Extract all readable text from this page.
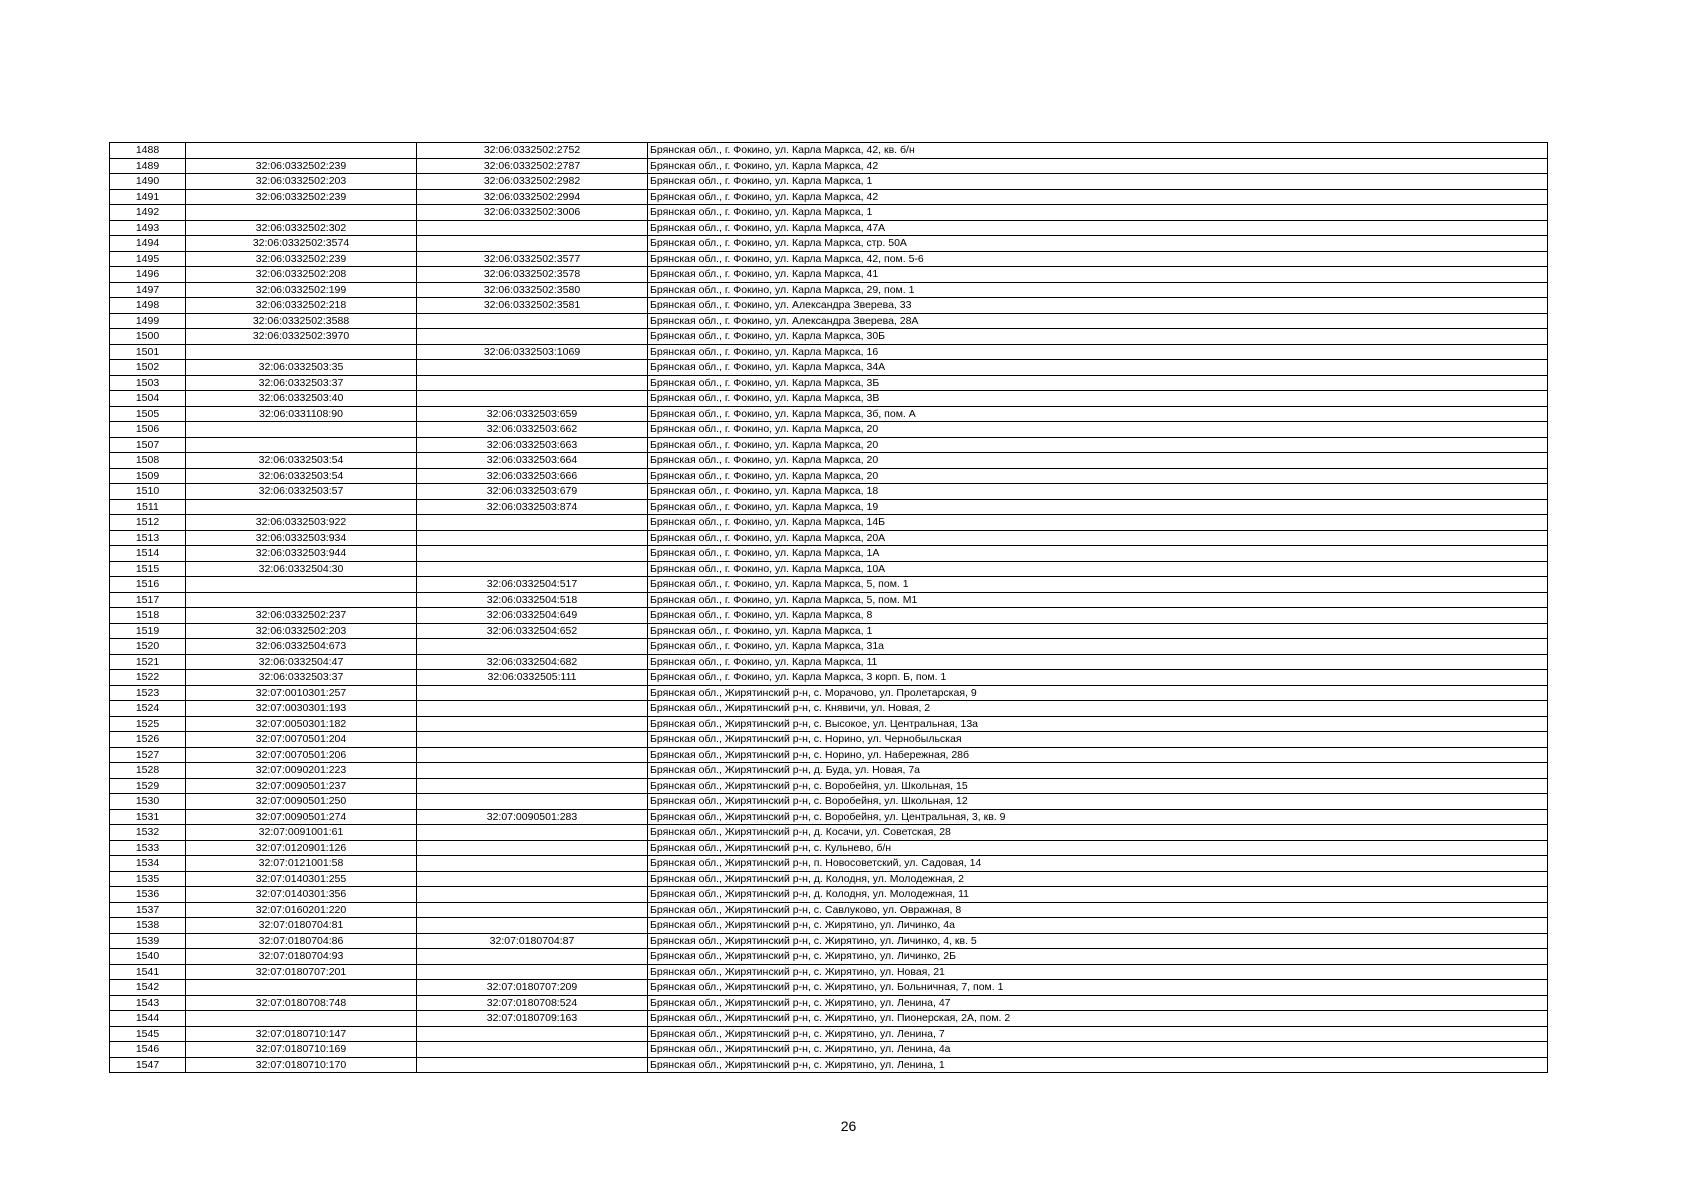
1488		32:06:0332502:2752	Брянская обл., г. Фокино, ул. Карла Маркса, 42, кв. б/н
1489	32:06:0332502:239	32:06:0332502:2787	Брянская обл., г. Фокино, ул. Карла Маркса, 42
1490	32:06:0332502:203	32:06:0332502:2982	Брянская обл., г. Фокино, ул. Карла Маркса, 1
1491	32:06:0332502:239	32:06:0332502:2994	Брянская обл., г. Фокино, ул. Карла Маркса, 42
1492		32:06:0332502:3006	Брянская обл., г. Фокино, ул. Карла Маркса, 1
1493	32:06:0332502:302		Брянская обл., г. Фокино, ул. Карла Маркса, 47А
1494	32:06:0332502:3574		Брянская обл., г. Фокино, ул. Карла Маркса, стр. 50А
1495	32:06:0332502:239	32:06:0332502:3577	Брянская обл., г. Фокино, ул. Карла Маркса, 42, пом. 5-6
1496	32:06:0332502:208	32:06:0332502:3578	Брянская обл., г. Фокино, ул. Карла Маркса, 41
1497	32:06:0332502:199	32:06:0332502:3580	Брянская обл., г. Фокино, ул. Карла Маркса, 29, пом. 1
1498	32:06:0332502:218	32:06:0332502:3581	Брянская обл., г. Фокино, ул. Александра Зверева, 33
1499	32:06:0332502:3588		Брянская обл., г. Фокино, ул. Александра Зверева, 28А
1500	32:06:0332502:3970		Брянская обл., г. Фокино, ул. Карла Маркса, 30Б
1501		32:06:0332503:1069	Брянская обл., г. Фокино, ул. Карла Маркса, 16
1502	32:06:0332503:35		Брянская обл., г. Фокино, ул. Карла Маркса, 34А
1503	32:06:0332503:37		Брянская обл., г. Фокино, ул. Карла Маркса, 3Б
1504	32:06:0332503:40		Брянская обл., г. Фокино, ул. Карла Маркса, 3В
1505	32:06:0331108:90	32:06:0332503:659	Брянская обл., г. Фокино, ул. Карла Маркса, 3б, пом. А
1506		32:06:0332503:662	Брянская обл., г. Фокино, ул. Карла Маркса, 20
1507		32:06:0332503:663	Брянская обл., г. Фокино, ул. Карла Маркса, 20
1508	32:06:0332503:54	32:06:0332503:664	Брянская обл., г. Фокино, ул. Карла Маркса, 20
1509	32:06:0332503:54	32:06:0332503:666	Брянская обл., г. Фокино, ул. Карла Маркса, 20
1510	32:06:0332503:57	32:06:0332503:679	Брянская обл., г. Фокино, ул. Карла Маркса, 18
1511		32:06:0332503:874	Брянская обл., г. Фокино, ул. Карла Маркса, 19
1512	32:06:0332503:922		Брянская обл., г. Фокино, ул. Карла Маркса, 14Б
1513	32:06:0332503:934		Брянская обл., г. Фокино, ул. Карла Маркса, 20А
1514	32:06:0332503:944		Брянская обл., г. Фокино, ул. Карла Маркса, 1А
1515	32:06:0332504:30		Брянская обл., г. Фокино, ул. Карла Маркса, 10А
1516		32:06:0332504:517	Брянская обл., г. Фокино, ул. Карла Маркса, 5, пом. 1
1517		32:06:0332504:518	Брянская обл., г. Фокино, ул. Карла Маркса, 5, пом. М1
1518	32:06:0332502:237	32:06:0332504:649	Брянская обл., г. Фокино, ул. Карла Маркса, 8
1519	32:06:0332502:203	32:06:0332504:652	Брянская обл., г. Фокино, ул. Карла Маркса, 1
1520	32:06:0332504:673		Брянская обл., г. Фокино, ул. Карла Маркса, 31а
1521	32:06:0332504:47	32:06:0332504:682	Брянская обл., г. Фокино, ул. Карла Маркса, 11
1522	32:06:0332503:37	32:06:0332505:111	Брянская обл., г. Фокино, ул. Карла Маркса, 3 корп. Б, пом. 1
1523	32:07:0010301:257		Брянская обл., Жирятинский р-н, с. Морачово, ул. Пролетарская, 9
1524	32:07:0030301:193		Брянская обл., Жирятинский р-н, с. Княвичи, ул. Новая, 2
1525	32:07:0050301:182		Брянская обл., Жирятинский р-н, с. Высокое, ул. Центральная, 13а
1526	32:07:0070501:204		Брянская обл., Жирятинский р-н, с. Норино, ул. Чернобыльская
1527	32:07:0070501:206		Брянская обл., Жирятинский р-н, с. Норино, ул. Набережная, 28б
1528	32:07:0090201:223		Брянская обл., Жирятинский р-н, д. Буда, ул. Новая, 7а
1529	32:07:0090501:237		Брянская обл., Жирятинский р-н, с. Воробейня, ул. Школьная, 15
1530	32:07:0090501:250		Брянская обл., Жирятинский р-н, с. Воробейня, ул. Школьная, 12
1531	32:07:0090501:274	32:07:0090501:283	Брянская обл., Жирятинский р-н, с. Воробейня, ул. Центральная, 3, кв. 9
1532	32:07:0091001:61		Брянская обл., Жирятинский р-н, д. Косачи, ул. Советская, 28
1533	32:07:0120901:126		Брянская обл., Жирятинский р-н, с. Кульнево, б/н
1534	32:07:0121001:58		Брянская обл., Жирятинский р-н, п. Новосоветский, ул. Садовая, 14
1535	32:07:0140301:255		Брянская обл., Жирятинский р-н, д. Колодня, ул. Молодежная, 2
1536	32:07:0140301:356		Брянская обл., Жирятинский р-н, д. Колодня, ул. Молодежная, 11
1537	32:07:0160201:220		Брянская обл., Жирятинский р-н, с. Савлуково, ул. Овражная, 8
1538	32:07:0180704:81		Брянская обл., Жирятинский р-н, с. Жирятино, ул. Личинко, 4а
1539	32:07:0180704:86	32:07:0180704:87	Брянская обл., Жирятинский р-н, с. Жирятино, ул. Личинко, 4, кв. 5
1540	32:07:0180704:93		Брянская обл., Жирятинский р-н, с. Жирятино, ул. Личинко, 2Б
1541	32:07:0180707:201		Брянская обл., Жирятинский р-н, с. Жирятино, ул. Новая, 21
1542		32:07:0180707:209	Брянская обл., Жирятинский р-н, с. Жирятино, ул. Больничная, 7, пом. 1
1543	32:07:0180708:748	32:07:0180708:524	Брянская обл., Жирятинский р-н, с. Жирятино, ул. Ленина, 47
1544		32:07:0180709:163	Брянская обл., Жирятинский р-н, с. Жирятино, ул. Пионерская, 2А, пом. 2
1545	32:07:0180710:147		Брянская обл., Жирятинский р-н, с. Жирятино, ул. Ленина, 7
1546	32:07:0180710:169		Брянская обл., Жирятинский р-н, с. Жирятино, ул. Ленина, 4а
1547	32:07:0180710:170		Брянская обл., Жирятинский р-н, с. Жирятино, ул. Ленина, 1
26
